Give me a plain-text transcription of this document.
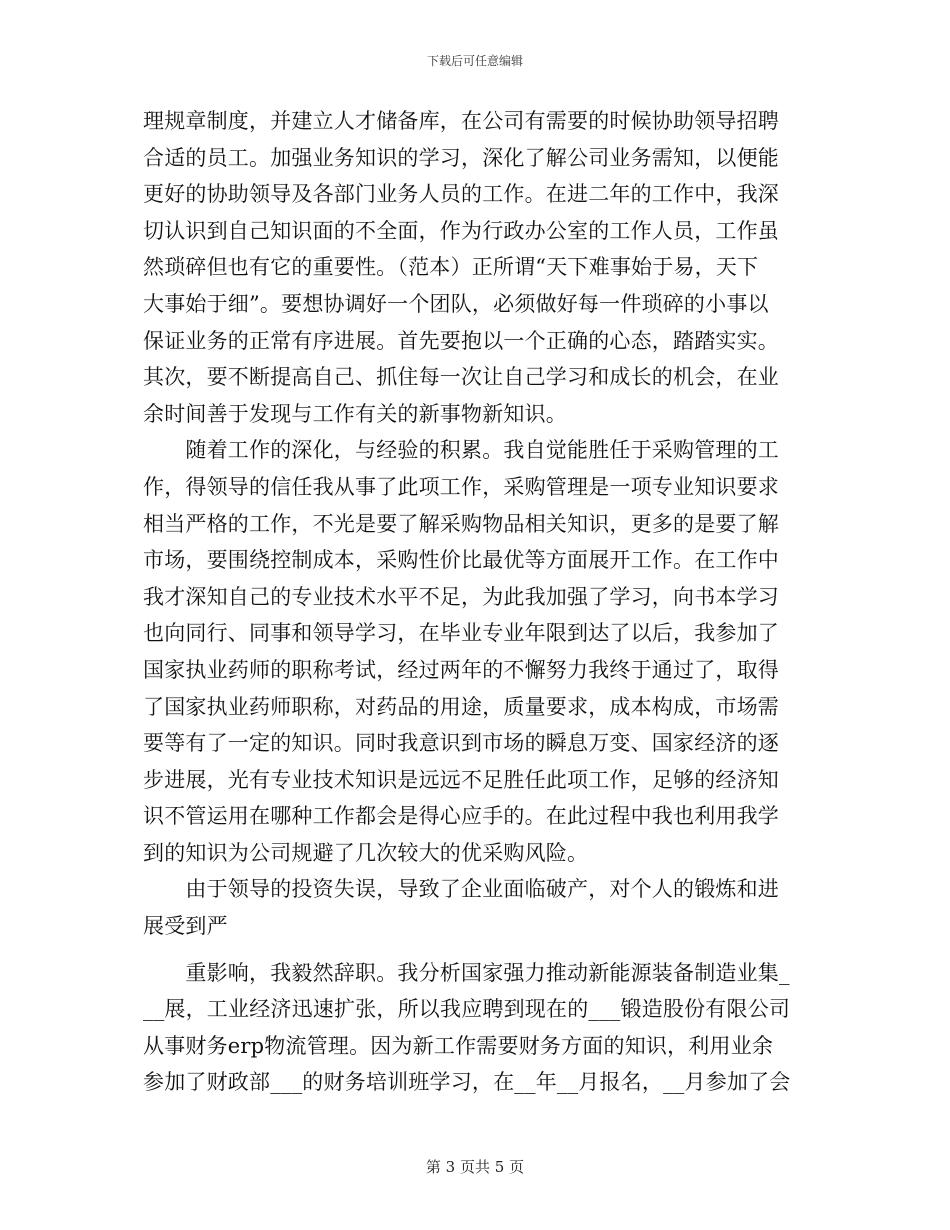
下载后可任意编辑
理规章制度，并建立人才储备库，在公司有需要的时候协助领导招聘
合适的员工。加强业务知识的学习，深化了解公司业务需知，以便能
更好的协助领导及各部门业务人员的工作。在进二年的工作中，我深
切认识到自己知识面的不全面，作为行政办公室的工作人员，工作虽
然琐碎但也有它的重要性。（范本）正所谓“天下难事始于易，天下
大事始于细”。要想协调好一个团队，必须做好每一件琐碎的小事以
保证业务的正常有序进展。首先要抱以一个正确的心态，踏踏实实。
其次，要不断提高自己、抓住每一次让自己学习和成长的机会，在业
余时间善于发现与工作有关的新事物新知识。
　　随着工作的深化，与经验的积累。我自觉能胜任于采购管理的工
作，得领导的信任我从事了此项工作，采购管理是一项专业知识要求
相当严格的工作，不光是要了解采购物品相关知识，更多的是要了解
市场，要围绕控制成本，采购性价比最优等方面展开工作。在工作中
我才深知自己的专业技术水平不足，为此我加强了学习，向书本学习
也向同行、同事和领导学习，在毕业专业年限到达了以后，我参加了
国家执业药师的职称考试，经过两年的不懈努力我终于通过了，取得
了国家执业药师职称，对药品的用途，质量要求，成本构成，市场需
要等有了一定的知识。同时我意识到市场的瞬息万变、国家经济的逐
步进展，光有专业技术知识是远远不足胜任此项工作，足够的经济知
识不管运用在哪种工作都会是得心应手的。在此过程中我也利用我学
到的知识为公司规避了几次较大的优采购风险。
　　由于领导的投资失误，导致了企业面临破产，对个人的锻炼和进
展受到严
　　重影响，我毅然辞职。我分析国家强力推动新能源装备制造业集_
__展，工业经济迅速扩张，所以我应聘到现在的___锻造股份有限公司
从事财务erp物流管理。因为新工作需要财务方面的知识，利用业余
参加了财政部___的财务培训班学习，在__年__月报名，__月参加了会
第 3 页共 5 页
